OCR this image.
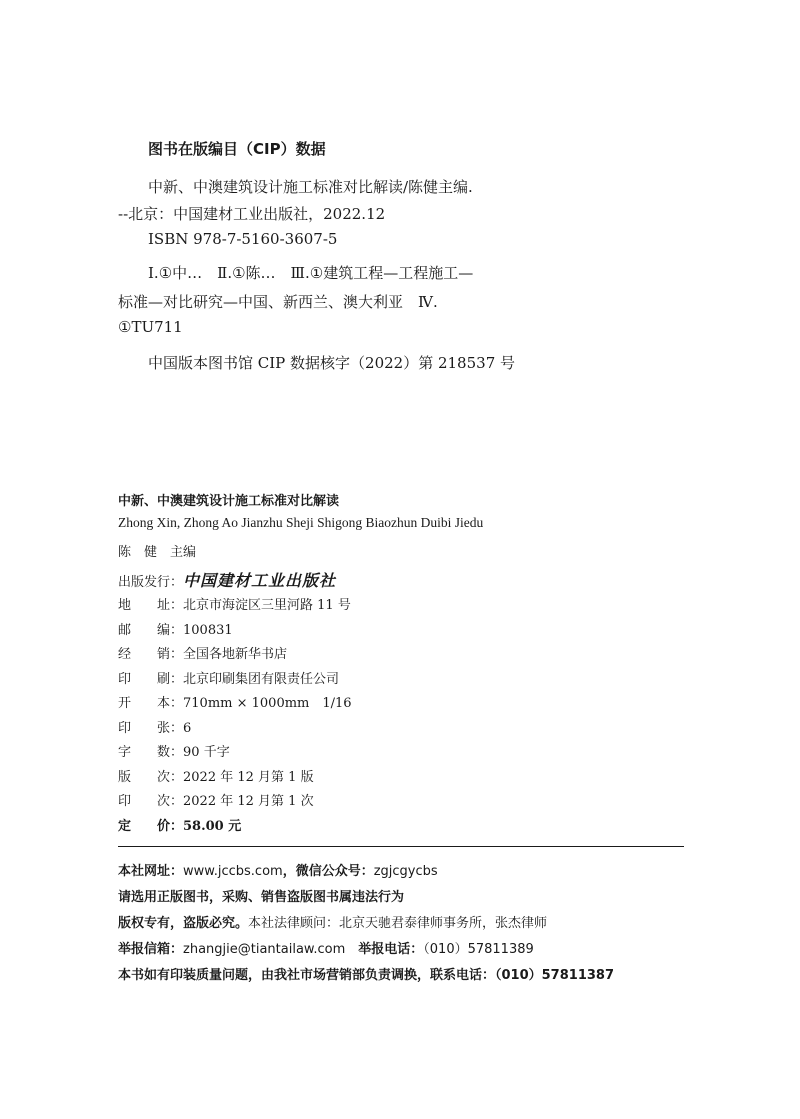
图书在版编目（CIP）数据
中新、中澳建筑设计施工标准对比解读/陈健主编.
--北京：中国建材工业出版社，2022.12
ISBN 978-7-5160-3607-5
Ⅰ.①中…　Ⅱ.①陈…　Ⅲ.①建筑工程—工程施工—
标准—对比研究—中国、新西兰、澳大利亚　Ⅳ.
①TU711
中国版本图书馆 CIP 数据核字（2022）第 218537 号
中新、中澳建筑设计施工标准对比解读
Zhong Xin, Zhong Ao Jianzhu Sheji Shigong Biaozhun Duibi Jiedu
陈　健　主编
出版发行：中国建材工业出版社
地　　址：北京市海淀区三里河路 11 号
邮　　编：100831
经　　销：全国各地新华书店
印　　刷：北京印刷集团有限责任公司
开　　本：710mm × 1000mm　1/16
印　　张：6
字　　数：90 千字
版　　次：2022 年 12 月第 1 版
印　　次：2022 年 12 月第 1 次
定　　价：58.00 元
本社网址：www.jccbs.com，微信公众号：zgjcgycbs
请选用正版图书，采购、销售盗版图书属违法行为
版权专有，盗版必究。本社法律顾问：北京天驰君泰律师事务所，张杰律师
举报信箱：zhangjie@tiantailaw.com　举报电话：（010）57811389
本书如有印装质量问题，由我社市场营销部负责调换，联系电话：（010）57811387
